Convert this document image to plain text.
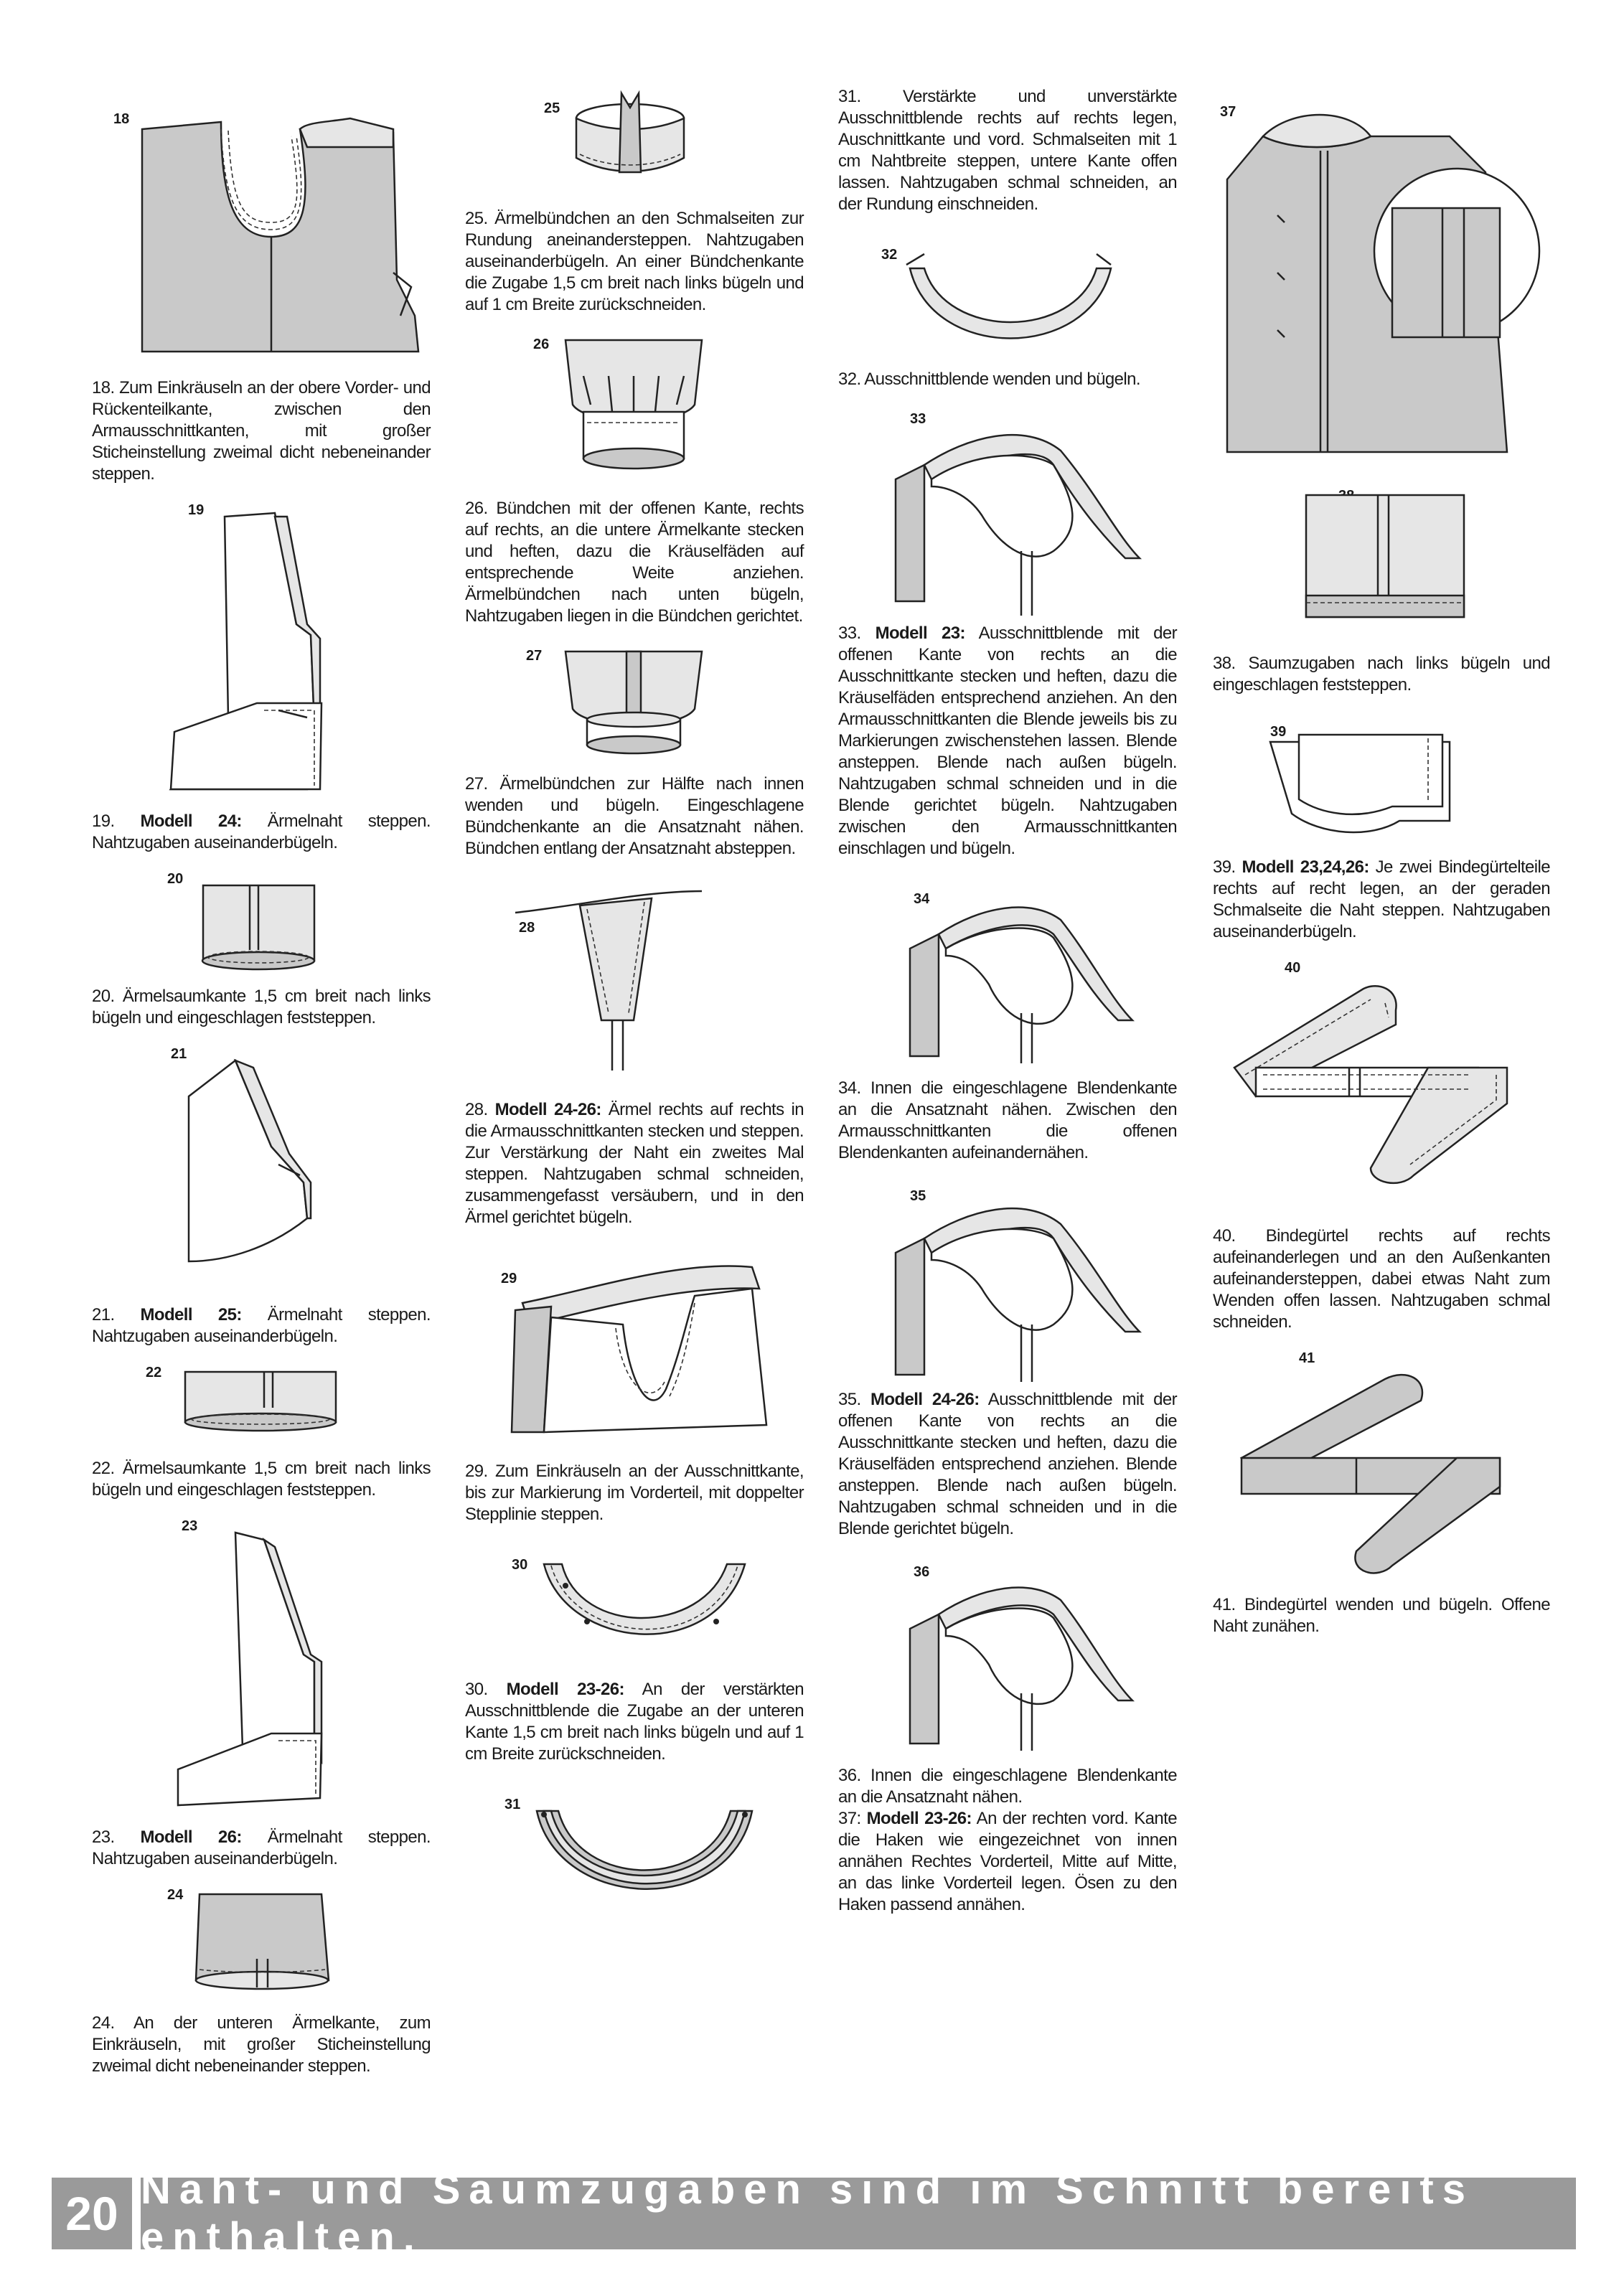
18

18. Zum Einkräuseln an der obere Vorder- und Rückenteilkante, zwischen den Armausschnittkanten, mit großer Sticheinstellung zweimal dicht nebeneinander steppen.

19

19. Modell 24: Ärmelnaht steppen. Nahtzugaben auseinanderbügeln.

20

20. Ärmelsaumkante 1,5 cm breit nach links bügeln und eingeschlagen feststeppen.

21

21. Modell 25: Ärmelnaht steppen. Nahtzugaben auseinanderbügeln.

22

22. Ärmelsaumkante 1,5 cm breit nach links bügeln und eingeschlagen feststeppen.

23

23. Modell 26: Ärmelnaht steppen. Nahtzugaben auseinanderbügeln.

24

24. An der unteren Ärmelkante, zum Einkräuseln, mit großer Sticheinstellung zweimal dicht nebeneinander steppen.

25

25. Ärmelbündchen an den Schmalseiten zur Rundung aneinandersteppen. Nahtzugaben auseinanderbügeln. An einer Bündchenkante die Zugabe 1,5 cm breit nach links bügeln und auf 1 cm Breite zurückschneiden.

26

26. Bündchen mit der offenen Kante, rechts auf rechts, an die untere Ärmelkante stecken und heften, dazu die Kräuselfäden auf entsprechende Weite anziehen. Ärmelbündchen nach unten bügeln, Nahtzugaben liegen in die Bündchen gerichtet.

27

27. Ärmelbündchen zur Hälfte nach innen wenden und bügeln. Eingeschlagene Bündchenkante an die Ansatznaht nähen. Bündchen entlang der Ansatznaht absteppen.

28

28. Modell 24-26: Ärmel rechts auf rechts in die Armausschnittkanten stecken und steppen. Zur Verstärkung der Naht ein zweites Mal steppen. Nahtzugaben schmal schneiden, zusammengefasst versäubern, und in den Ärmel gerichtet bügeln.

29

29. Zum Einkräuseln an der Ausschnittkante, bis zur Markierung im Vorderteil, mit doppelter Stepplinie steppen.

30

30. Modell 23-26: An der verstärkten Ausschnittblende die Zugabe an der unteren Kante 1,5 cm breit nach links bügeln und auf 1 cm Breite zurückschneiden.

31

31. Verstärkte und unverstärkte Ausschnittblende rechts auf rechts legen, Auschnittkante und vord. Schmalseiten mit 1 cm Nahtbreite steppen, untere Kante offen lassen. Nahtzugaben schmal schneiden, an der Rundung einschneiden.

32

32. Ausschnittblende wenden und bügeln.

33

33. Modell 23: Ausschnittblende mit der offenen Kante von rechts an die Ausschnittkante stecken und heften, dazu die Kräuselfäden entsprechend anziehen. An den Armausschnittkanten die Blende jeweils bis zu Markierungen zwischenstehen lassen. Blende ansteppen. Blende nach außen bügeln. Nahtzugaben schmal schneiden und in die Blende gerichtet bügeln. Nahtzugaben zwischen den Armausschnittkanten einschlagen und bügeln.

34

34. Innen die eingeschlagene Blendenkante an die Ansatznaht nähen. Zwischen den Armausschnittkanten die offenen Blendenkanten aufeinandernähen.

35

35. Modell 24-26: Ausschnittblende mit der offenen Kante von rechts an die Ausschnittkante stecken und heften, dazu die Kräuselfäden entsprechend anziehen. Blende ansteppen. Blende nach außen bügeln. Nahtzugaben schmal schneiden und in die Blende gerichtet bügeln.

36

36. Innen die eingeschlagene Blendenkante an die Ansatznaht nähen.

37: Modell 23-26: An der rechten vord. Kante die Haken wie eingezeichnet von innen annähen Rechtes Vorderteil, Mitte auf Mitte, an das linke Vorderteil legen. Ösen zu den Haken passend annähen.

37

38. Saumzugaben nach links bügeln und eingeschlagen feststeppen.

39

39. Modell 23,24,26: Je zwei Bindegürtelteile rechts auf recht legen, an der geraden Schmalseite die Naht steppen. Nahtzugaben auseinanderbügeln.

40

40. Bindegürtel rechts auf rechts aufeinanderlegen und an den Außenkanten aufeinandersteppen, dabei etwas Naht zum Wenden offen lassen. Nahtzugaben schmal schneiden.

41

41. Bindegürtel wenden und bügeln. Offene Naht zunähen.

20 Naht- und Saumzugaben sind im Schnitt bereits enthalten.
